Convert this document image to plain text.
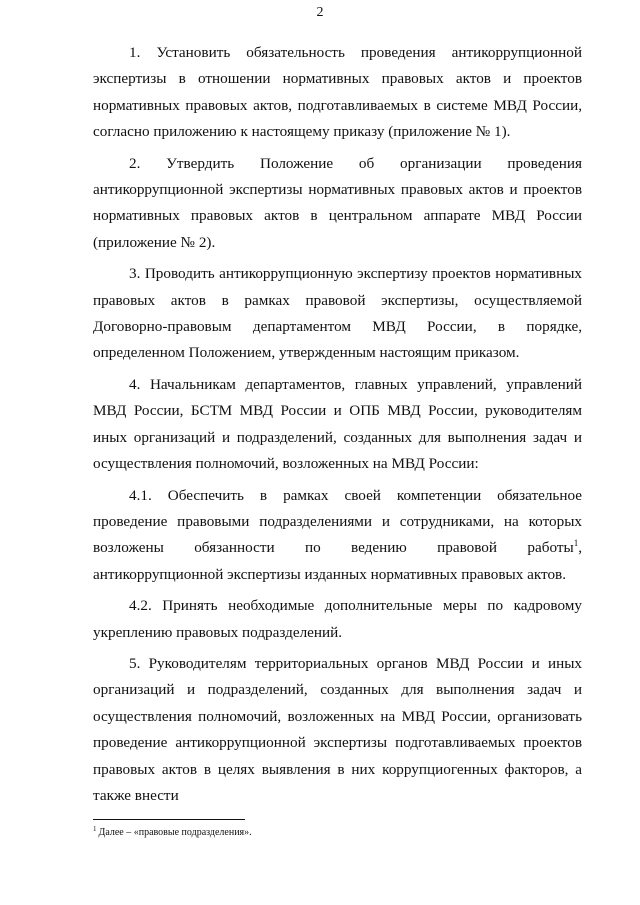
2

1. Установить обязательность проведения антикоррупционной экспертизы в отношении нормативных правовых актов и проектов нормативных правовых актов, подготавливаемых в системе МВД России, согласно приложению к настоящему приказу (приложение № 1).

2. Утвердить Положение об организации проведения антикоррупционной экспертизы нормативных правовых актов и проектов нормативных правовых актов в центральном аппарате МВД России (приложение № 2).

3. Проводить антикоррупционную экспертизу проектов нормативных правовых актов в рамках правовой экспертизы, осуществляемой Договорно-правовым департаментом МВД России, в порядке, определенном Положением, утвержденным настоящим приказом.

4. Начальникам департаментов, главных управлений, управлений МВД России, БСТМ МВД России и ОПБ МВД России, руководителям иных организаций и подразделений, созданных для выполнения задач и осуществления полномочий, возложенных на МВД России:

4.1. Обеспечить в рамках своей компетенции обязательное проведение правовыми подразделениями и сотрудниками, на которых возложены обязанности по ведению правовой работы$^1$, антикоррупционной экспертизы изданных нормативных правовых актов.

4.2. Принять необходимые дополнительные меры по кадровому укреплению правовых подразделений.

5. Руководителям территориальных органов МВД России и иных организаций и подразделений, созданных для выполнения задач и осуществления полномочий, возложенных на МВД России, организовать проведение антикоррупционной экспертизы подготавливаемых проектов правовых актов в целях выявления в них коррупциогенных факторов, а также внести

$^1$ Далее – «правовые подразделения».
